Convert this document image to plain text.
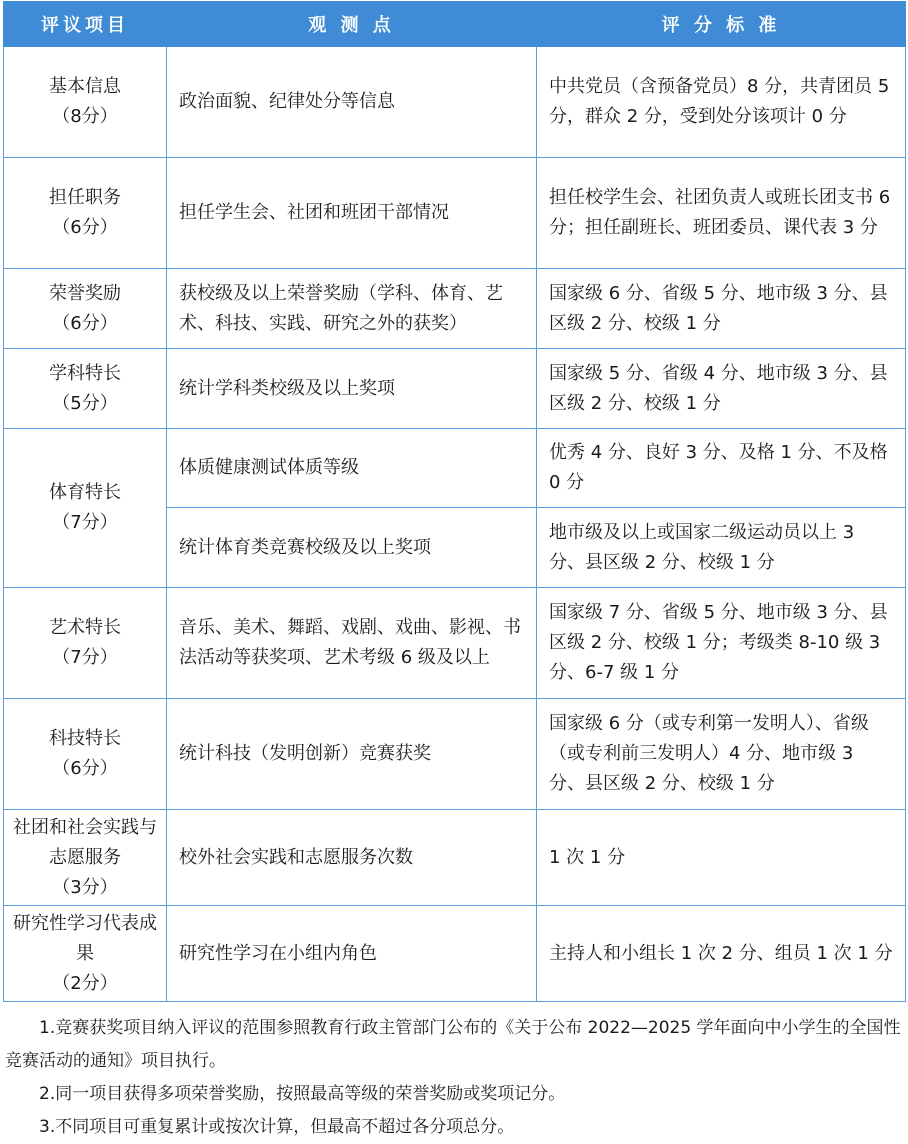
评议项目	观 测 点	评 分 标 准

基本信息
（8分）	政治面貌、纪律处分等信息	中共党员（含预备党员）8 分，共青团员 5 分，群众 2 分，受到处分该项计 0 分

担任职务
（6分）	担任学生会、社团和班团干部情况	担任校学生会、社团负责人或班长团支书 6 分；担任副班长、班团委员、课代表 3 分

荣誉奖励
（6分）	获校级及以上荣誉奖励（学科、体育、艺术、科技、实践、研究之外的获奖）	国家级 6 分、省级 5 分、地市级 3 分、县区级 2 分、校级 1 分

学科特长
（5分）	统计学科类校级及以上奖项	国家级 5 分、省级 4 分、地市级 3 分、县区级 2 分、校级 1 分

体育特长
（7分）	体质健康测试体质等级	优秀 4 分、良好 3 分、及格 1 分、不及格 0 分
	统计体育类竞赛校级及以上奖项	地市级及以上或国家二级运动员以上 3 分、县区级 2 分、校级 1 分

艺术特长
（7分）	音乐、美术、舞蹈、戏剧、戏曲、影视、书法活动等获奖项、艺术考级 6 级及以上	国家级 7 分、省级 5 分、地市级 3 分、县区级 2 分、校级 1 分；考级类 8-10 级 3 分、6-7 级 1 分

科技特长
（6分）	统计科技（发明创新）竞赛获奖	国家级 6 分（或专利第一发明人）、省级（或专利前三发明人）4 分、地市级 3 分、县区级 2 分、校级 1 分

社团和社会实践与志愿服务
（3分）	校外社会实践和志愿服务次数	1 次 1 分

研究性学习代表成果
（2分）	研究性学习在小组内角色	主持人和小组长 1 次 2 分、组员 1 次 1 分

1.竞赛获奖项目纳入评议的范围参照教育行政主管部门公布的《关于公布 2022—2025 学年面向中小学生的全国性竞赛活动的通知》项目执行。

2.同一项目获得多项荣誉奖励，按照最高等级的荣誉奖励或奖项记分。

3.不同项目可重复累计或按次计算，但最高不超过各分项总分。
